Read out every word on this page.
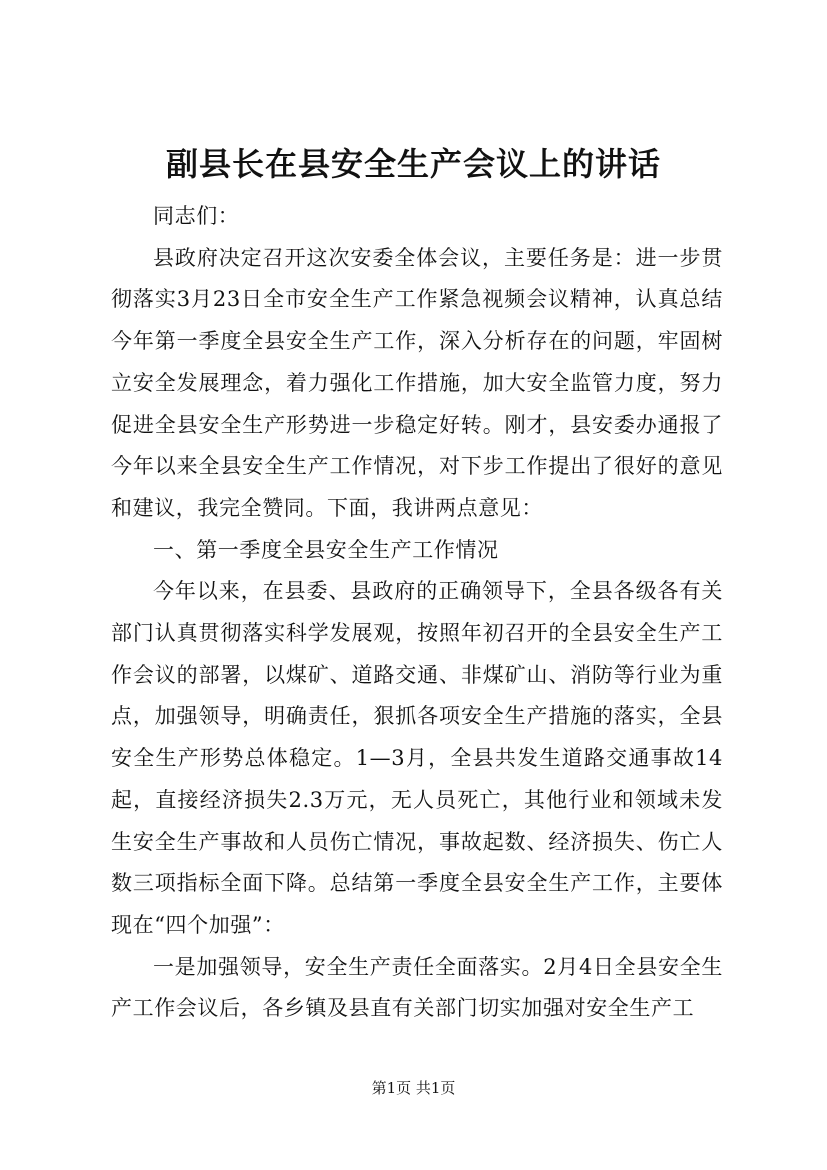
副县长在县安全生产会议上的讲话

同志们：

县政府决定召开这次安委全体会议，主要任务是：进一步贯彻落实3月23日全市安全生产工作紧急视频会议精神，认真总结今年第一季度全县安全生产工作，深入分析存在的问题，牢固树立安全发展理念，着力强化工作措施，加大安全监管力度，努力促进全县安全生产形势进一步稳定好转。刚才，县安委办通报了今年以来全县安全生产工作情况，对下步工作提出了很好的意见和建议，我完全赞同。下面，我讲两点意见：

一、第一季度全县安全生产工作情况

今年以来，在县委、县政府的正确领导下，全县各级各有关部门认真贯彻落实科学发展观，按照年初召开的全县安全生产工作会议的部署，以煤矿、道路交通、非煤矿山、消防等行业为重点，加强领导，明确责任，狠抓各项安全生产措施的落实，全县安全生产形势总体稳定。1—3月，全县共发生道路交通事故14起，直接经济损失2.3万元，无人员死亡，其他行业和领域未发生安全生产事故和人员伤亡情况，事故起数、经济损失、伤亡人数三项指标全面下降。总结第一季度全县安全生产工作，主要体现在“四个加强”：

一是加强领导，安全生产责任全面落实。2月4日全县安全生产工作会议后，各乡镇及县直有关部门切实加强对安全生产工

第1页 共1页
